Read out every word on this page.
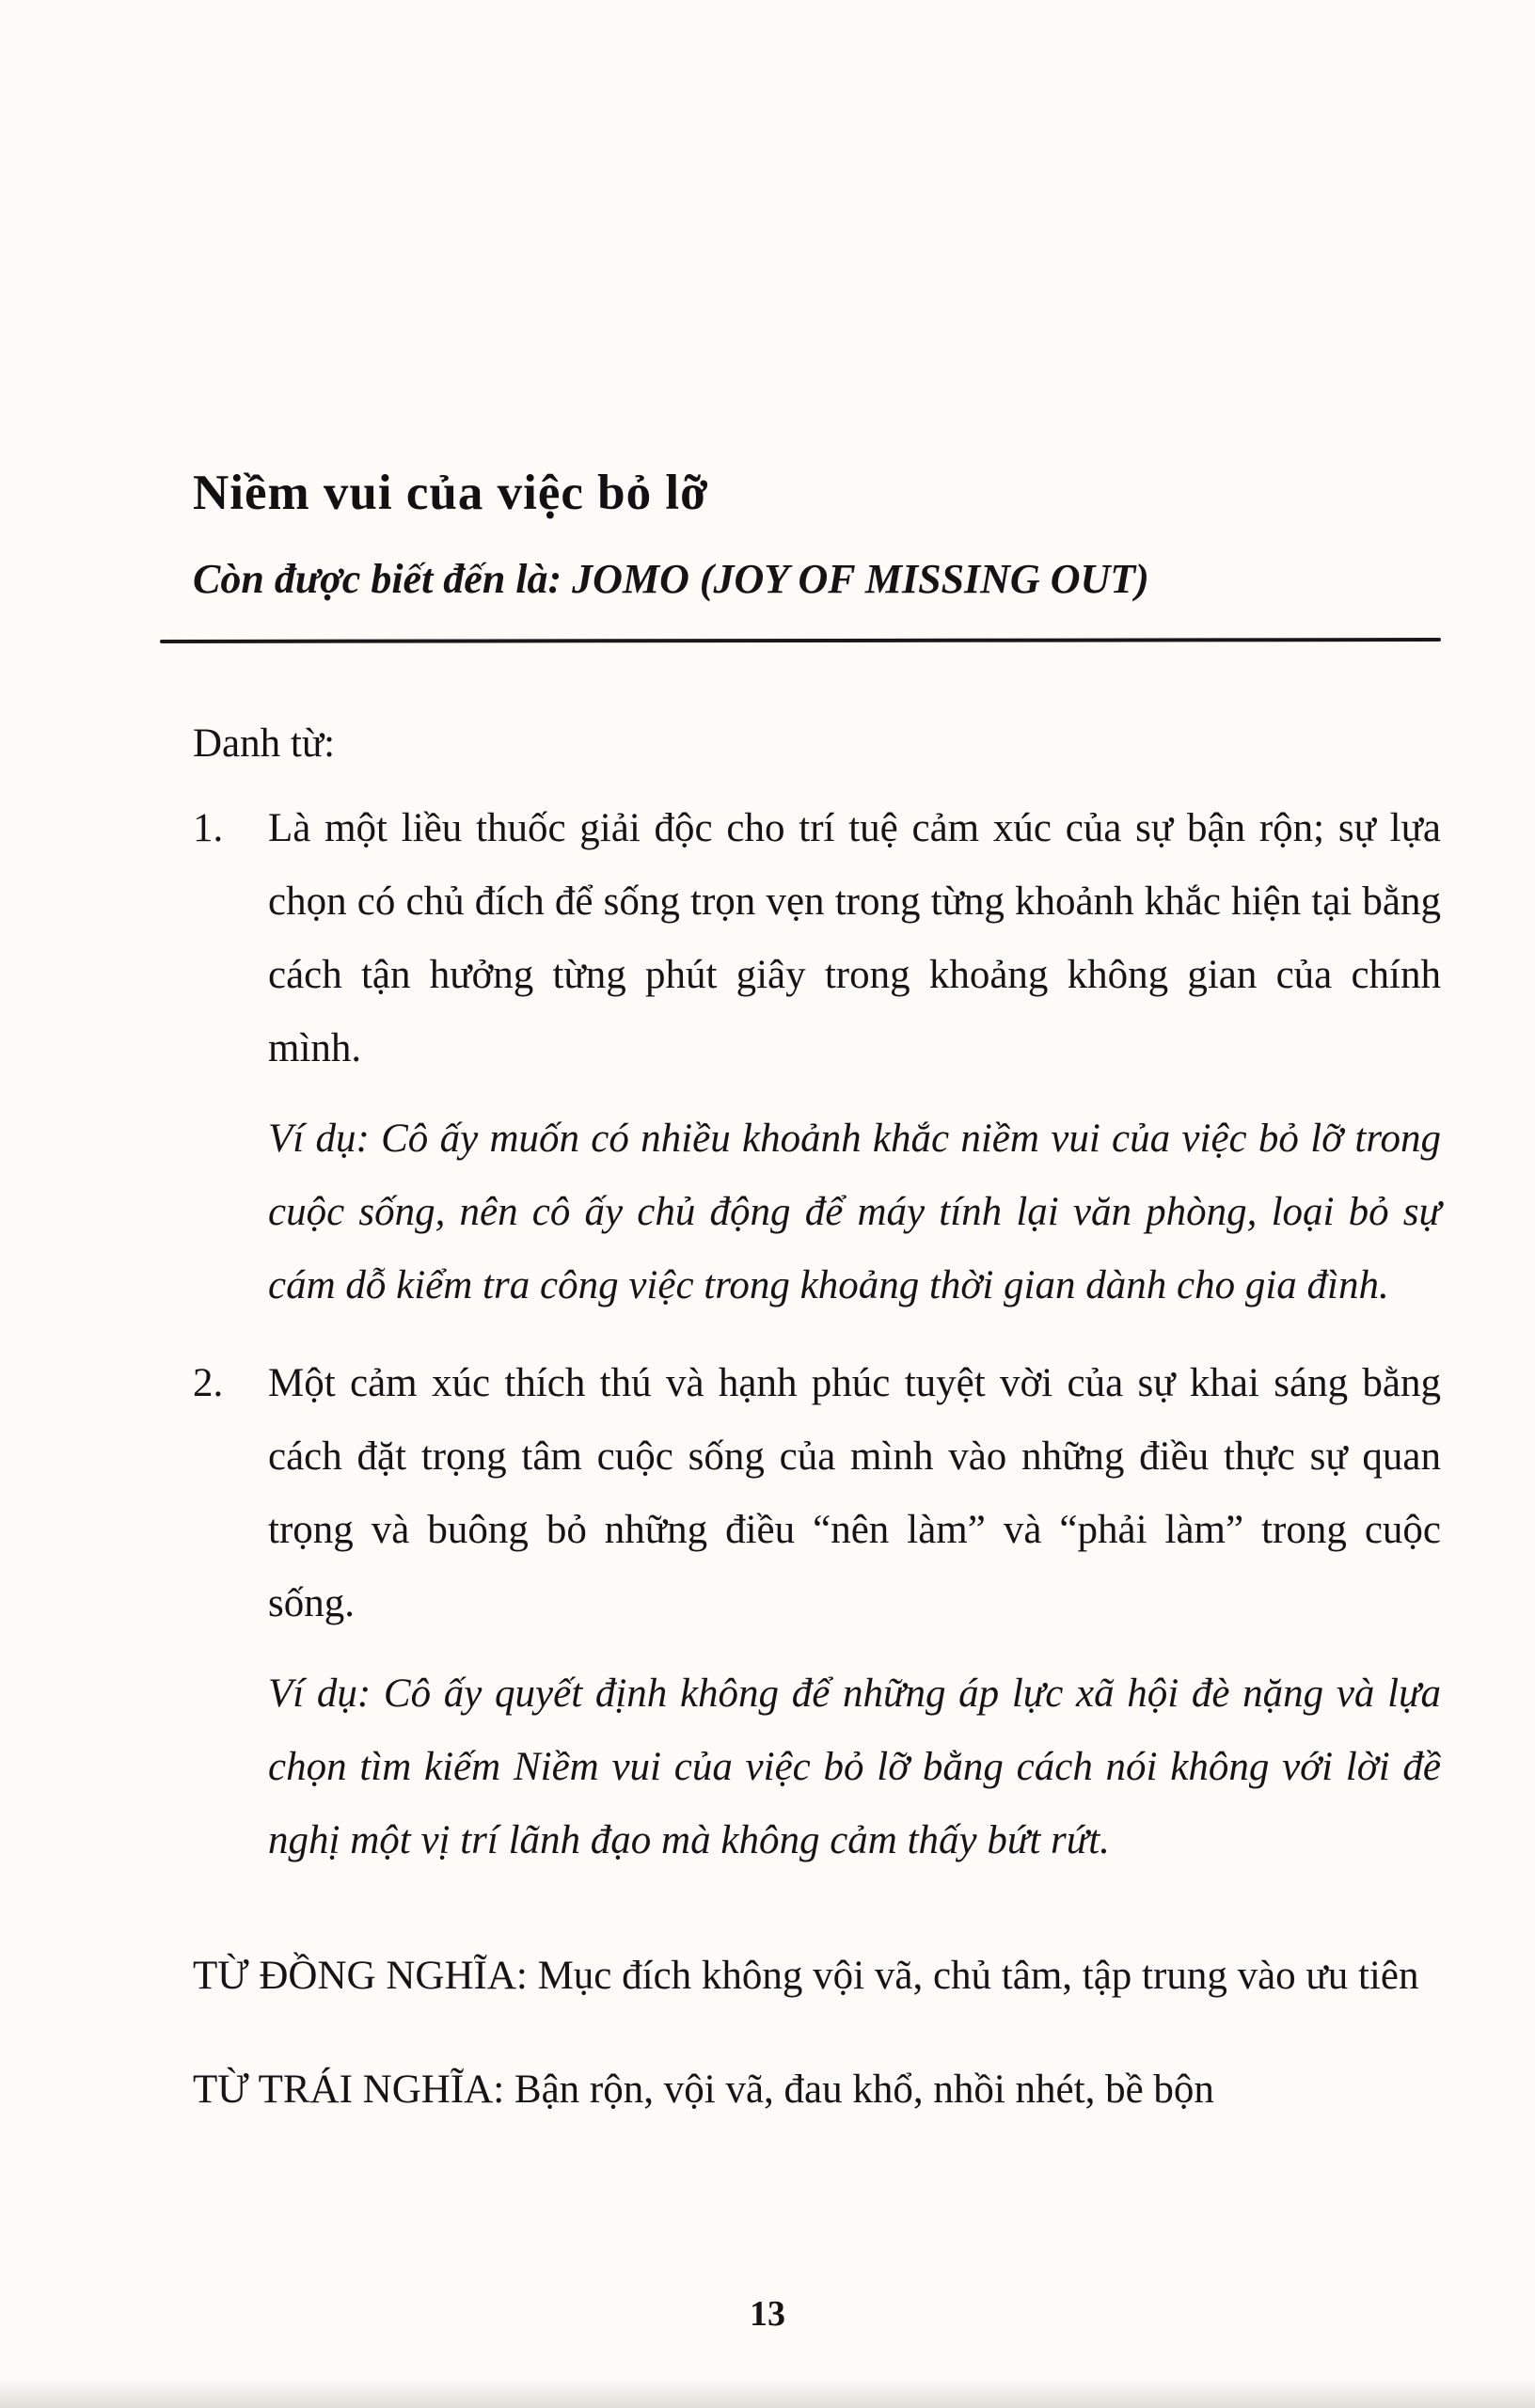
Niềm vui của việc bỏ lỡ
Còn được biết đến là: JOMO (JOY OF MISSING OUT)
Danh từ:
1.	Là một liều thuốc giải độc cho trí tuệ cảm xúc của sự bận rộn; sự lựa chọn có chủ đích để sống trọn vẹn trong từng khoảnh khắc hiện tại bằng cách tận hưởng từng phút giây trong khoảng không gian của chính mình.
Ví dụ: Cô ấy muốn có nhiều khoảnh khắc niềm vui của việc bỏ lỡ trong cuộc sống, nên cô ấy chủ động để máy tính lại văn phòng, loại bỏ sự cám dỗ kiểm tra công việc trong khoảng thời gian dành cho gia đình.
2.	Một cảm xúc thích thú và hạnh phúc tuyệt vời của sự khai sáng bằng cách đặt trọng tâm cuộc sống của mình vào những điều thực sự quan trọng và buông bỏ những điều “nên làm” và “phải làm” trong cuộc sống.
Ví dụ: Cô ấy quyết định không để những áp lực xã hội đè nặng và lựa chọn tìm kiếm Niềm vui của việc bỏ lỡ bằng cách nói không với lời đề nghị một vị trí lãnh đạo mà không cảm thấy bứt rứt.

TỪ ĐỒNG NGHĨA: Mục đích không vội vã, chủ tâm, tập trung vào ưu tiên

TỪ TRÁI NGHĨA: Bận rộn, vội vã, đau khổ, nhồi nhét, bề bộn

13
